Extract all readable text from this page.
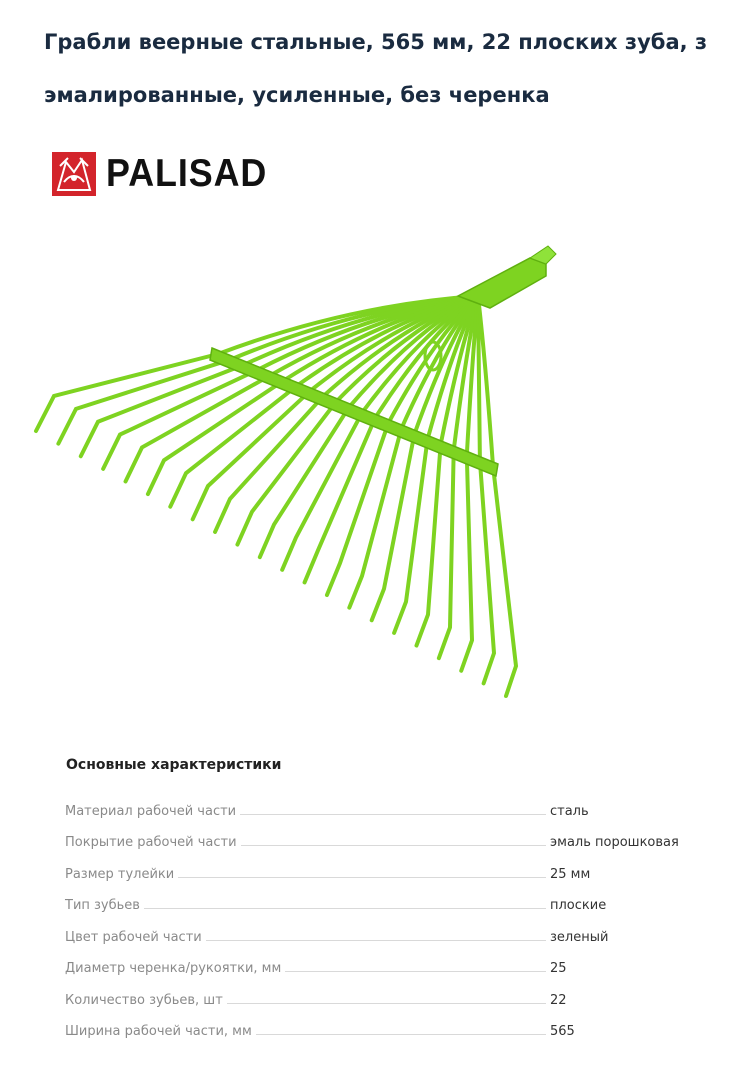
Грабли веерные стальные, 565 мм, 22 плоских зуба, з
эмалированные, усиленные, без черенка
PALISAD
Основные характеристики
Материал рабочей части	сталь
Покрытие рабочей части	эмаль порошковая
Размер тулейки	25 мм
Тип зубьев	плоские
Цвет рабочей части	зеленый
Диаметр черенка/рукоятки, мм	25
Количество зубьев, шт	22
Ширина рабочей части, мм	565
